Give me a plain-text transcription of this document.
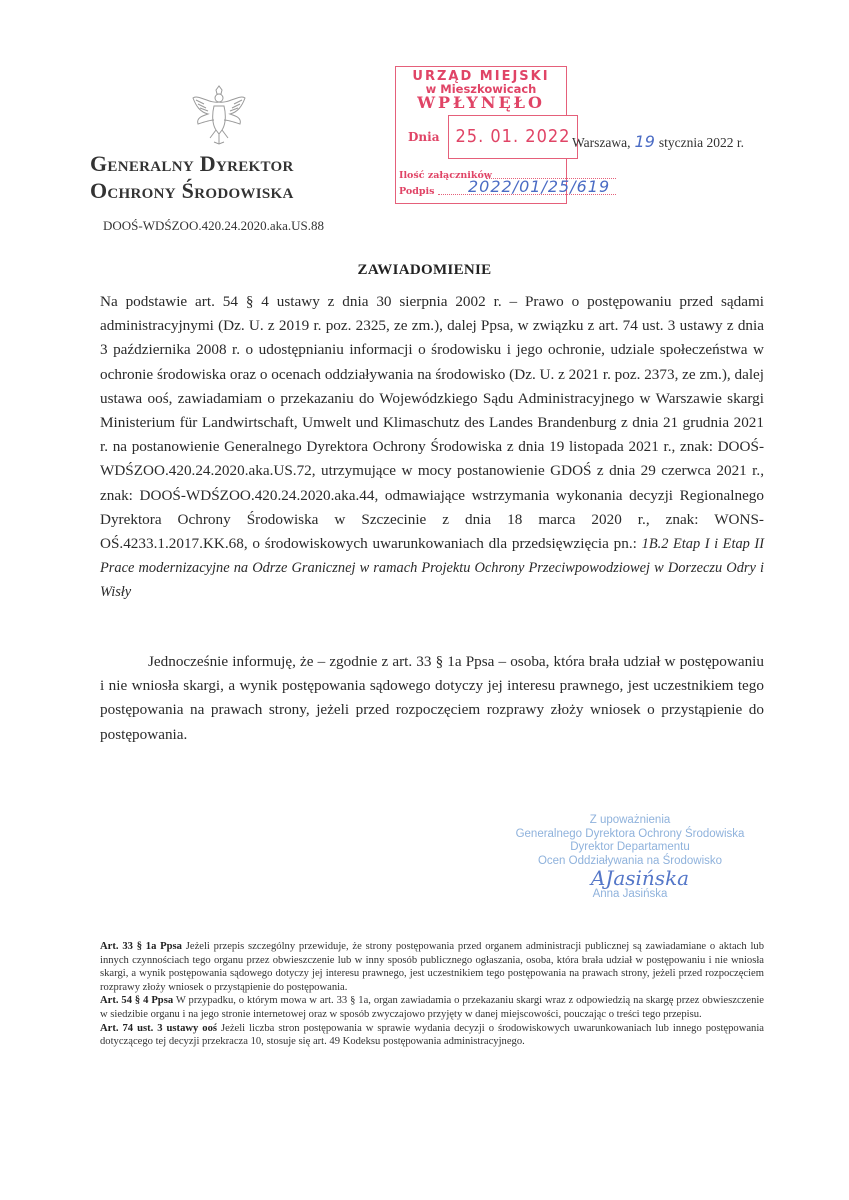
Generalny Dyrektor
Ochrony Środowiska
DOOŚ-WDŚZOO.420.24.2020.aka.US.88
URZĄD MIEJSKI
w Mieszkowicach
WPŁYNĘŁO
Dnia 25. 01. 2022
Ilość załączników
Podpis 2022/01/25/619
Warszawa, 19 stycznia 2022 r.
ZAWIADOMIENIE
Na podstawie art. 54 § 4 ustawy z dnia 30 sierpnia 2002 r. – Prawo o postępowaniu przed sądami administracyjnymi (Dz. U. z 2019 r. poz. 2325, ze zm.), dalej Ppsa, w związku z art. 74 ust. 3 ustawy z dnia 3 października 2008 r. o udostępnianiu informacji o środowisku i jego ochronie, udziale społeczeństwa w ochronie środowiska oraz o ocenach oddziaływania na środowisko (Dz. U. z 2021 r. poz. 2373, ze zm.), dalej ustawa ooś, zawiadamiam o przekazaniu do Wojewódzkiego Sądu Administracyjnego w Warszawie skargi Ministerium für Landwirtschaft, Umwelt und Klimaschutz des Landes Brandenburg z dnia 21 grudnia 2021 r. na postanowienie Generalnego Dyrektora Ochrony Środowiska z dnia 19 listopada 2021 r., znak: DOOŚ-WDŚZOO.420.24.2020.aka.US.72, utrzymujące w mocy postanowienie GDOŚ z dnia 29 czerwca 2021 r., znak: DOOŚ-WDŚZOO.420.24.2020.aka.44, odmawiające wstrzymania wykonania decyzji Regionalnego Dyrektora Ochrony Środowiska w Szczecinie z dnia 18 marca 2020 r., znak: WONS-OŚ.4233.1.2017.KK.68, o środowiskowych uwarunkowaniach dla przedsięwzięcia pn.: 1B.2 Etap I i Etap II Prace modernizacyjne na Odrze Granicznej w ramach Projektu Ochrony Przeciwpowodziowej w Dorzeczu Odry i Wisły
Jednocześnie informuję, że – zgodnie z art. 33 § 1a Ppsa – osoba, która brała udział w postępowaniu i nie wniosła skargi, a wynik postępowania sądowego dotyczy jej interesu prawnego, jest uczestnikiem tego postępowania na prawach strony, jeżeli przed rozpoczęciem rozprawy złoży wniosek o przystąpienie do postępowania.
Z upoważnienia
Generalnego Dyrektora Ochrony Środowiska
Dyrektor Departamentu
Ocen Oddziaływania na Środowisko
AJasińska
Anna Jasińska

Art. 33 § 1a Ppsa Jeżeli przepis szczególny przewiduje, że strony postępowania przed organem administracji publicznej są zawiadamiane o aktach lub innych czynnościach tego organu przez obwieszczenie lub w inny sposób publicznego ogłaszania, osoba, która brała udział w postępowaniu i nie wniosła skargi, a wynik postępowania sądowego dotyczy jej interesu prawnego, jest uczestnikiem tego postępowania na prawach strony, jeżeli przed rozpoczęciem rozprawy złoży wniosek o przystąpienie do postępowania.

Art. 54 § 4 Ppsa W przypadku, o którym mowa w art. 33 § 1a, organ zawiadamia o przekazaniu skargi wraz z odpowiedzią na skargę przez obwieszczenie w siedzibie organu i na jego stronie internetowej oraz w sposób zwyczajowo przyjęty w danej miejscowości, pouczając o treści tego przepisu.

Art. 74 ust. 3 ustawy ooś Jeżeli liczba stron postępowania w sprawie wydania decyzji o środowiskowych uwarunkowaniach lub innego postępowania dotyczącego tej decyzji przekracza 10, stosuje się art. 49 Kodeksu postępowania administracyjnego.
